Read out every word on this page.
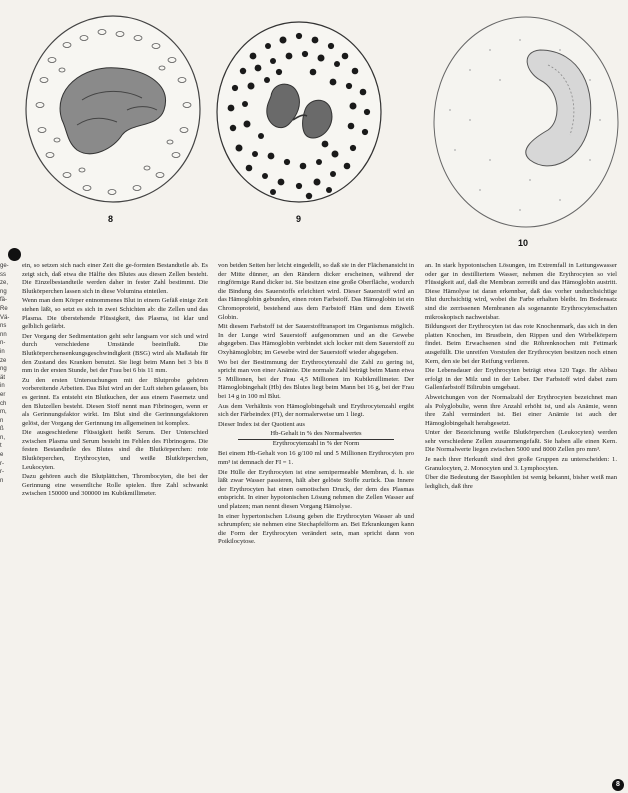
8	9
10
ge-
ss
ze,
ng
fä-
Re
Vä-
ns
nn
n-
in
ze
ng
ät
in
er
ch
m,
n
ß
n,
t
e
r-
r-
n

ein, so setzen sich nach einer Zeit die ge-formten Bestandteile ab. Es zeigt sich, daß etwa die Hälfte des Blutes aus diesen Zellen besteht. Die Einzelbestandteile werden daher in fester Zahl bestimmt. Die Blutkörperchen lassen sich in diese Volumina einteilen.

Wenn man dem Körper entnommenes Blut in einem Gefäß einige Zeit stehen läßt, so setzt es sich in zwei Schichten ab: die Zellen und das Plasma. Die überstehende Flüssigkeit, das Plasma, ist klar und gelblich gefärbt.

Der Vorgang der Sedimentation geht sehr langsam vor sich und wird durch verschiedene Umstände beeinflußt. Die Blutkörperchensenkungsgeschwindigkeit (BSG) wird als Maßstab für den Zustand des Kranken benutzt. Sie liegt beim Mann bei 3 bis 8 mm in der ersten Stunde, bei der Frau bei 6 bis 11 mm.

Zu den ersten Untersuchungen mit der Blutprobe gehören vorbereitende Arbeiten. Das Blut wird an der Luft stehen gelassen, bis es gerinnt. Es entsteht ein Blutkuchen, der aus einem Fasernetz und den Blutzellen besteht. Diesen Stoff nennt man Fibrinogen, wenn er als Gerinnungsfaktor wirkt. Im Blut sind die Gerinnungsfaktoren gelöst, der Vorgang der Gerinnung im allgemeinen ist komplex.

Die ausgeschiedene Flüssigkeit heißt Serum. Der Unterschied zwischen Plasma und Serum besteht im Fehlen des Fibrinogens. Die festen Bestandteile des Blutes sind die Blutkörperchen: rote Blutkörperchen, Erythrocyten, und weiße Blutkörperchen, Leukocyten.

Dazu gehören auch die Blutplättchen, Thrombocyten, die bei der Gerinnung eine wesentliche Rolle spielen. Ihre Zahl schwankt zwischen 150000 und 300000 im Kubikmillimeter.

von beiden Seiten her leicht eingedellt, so daß sie in der Flächenansicht in der Mitte dünner, an den Rändern dicker erscheinen, während der ringförmige Rand dicker ist. Sie besitzen eine große Oberfläche, wodurch die Bindung des Sauerstoffs erleichtert wird. Dieser Sauerstoff wird an das Hämoglobin gebunden, einen roten Farbstoff. Das Hämoglobin ist ein Chromoproteid, bestehend aus dem Farbstoff Häm und dem Eiweiß Globin.

Mit diesem Farbstoff ist der Sauerstofftransport im Organismus möglich. In der Lunge wird Sauerstoff aufgenommen und an die Gewebe abgegeben. Das Hämoglobin verbindet sich locker mit dem Sauerstoff zu Oxyhämoglobin; im Gewebe wird der Sauerstoff wieder abgegeben.

Wo bei der Bestimmung der Erythrocytenzahl die Zahl zu gering ist, spricht man von einer Anämie. Die normale Zahl beträgt beim Mann etwa 5 Millionen, bei der Frau 4,5 Millionen im Kubikmillimeter. Der Hämoglobingehalt (Hb) des Blutes liegt beim Mann bei 16 g, bei der Frau bei 14 g in 100 ml Blut.

Aus dem Verhältnis von Hämoglobingehalt und Erythrocytenzahl ergibt sich der Färbeindex (FI), der normalerweise um 1 liegt.

Dieser Index ist der Quotient aus

Hb-Gehalt in % des Normalwertes

Erythrocytenzahl in % der Norm

Bei einem Hb-Gehalt von 16 g/100 ml und 5 Millionen Erythrocyten pro mm³ ist demnach der FI = 1.

Die Hülle der Erythrocyten ist eine semipermeable Membran, d. h. sie läßt zwar Wasser passieren, hält aber gelöste Stoffe zurück. Das Innere der Erythrocyten hat einen osmotischen Druck, der dem des Plasmas entspricht. In einer hypotonischen Lösung nehmen die Zellen Wasser auf und platzen; man nennt diesen Vorgang Hämolyse.

In einer hypertonischen Lösung geben die Erythrocyten Wasser ab und schrumpfen; sie nehmen eine Stechapfelform an. Bei Erkrankungen kann die Form der Erythrocyten verändert sein, man spricht dann von Poikilocytose.

an. In stark hypotonischen Lösungen, im Extremfall in Leitungswasser oder gar in destilliertem Wasser, nehmen die Erythrocyten so viel Flüssigkeit auf, daß die Membran zerreißt und das Hämoglobin austritt. Diese Hämolyse ist daran erkennbar, daß das vorher undurchsichtige Blut durchsichtig wird, wobei die Farbe erhalten bleibt. Im Bodensatz sind die zerrissenen Membranen als sogenannte Erythrocytenschatten mikroskopisch nachweisbar.

Bildungsort der Erythrocyten ist das rote Knochenmark, das sich in den platten Knochen, im Brustbein, den Rippen und den Wirbelkörpern findet. Beim Erwachsenen sind die Röhrenknochen mit Fettmark ausgefüllt. Die unreifen Vorstufen der Erythrocyten besitzen noch einen Kern, den sie bei der Reifung verlieren.

Die Lebensdauer der Erythrocyten beträgt etwa 120 Tage. Ihr Abbau erfolgt in der Milz und in der Leber. Der Farbstoff wird dabei zum Gallenfarbstoff Bilirubin umgebaut.

Abweichungen von der Normalzahl der Erythrocyten bezeichnet man als Polyglobulie, wenn ihre Anzahl erhöht ist, und als Anämie, wenn ihre Zahl vermindert ist. Bei einer Anämie ist auch der Hämoglobingehalt herabgesetzt.

Unter der Bezeichnung weiße Blutkörperchen (Leukocyten) werden sehr verschiedene Zellen zusammengefaßt. Sie haben alle einen Kern. Die Normalwerte liegen zwischen 5000 und 8000 Zellen pro mm³.

Je nach ihrer Herkunft sind drei große Gruppen zu unterscheiden: 1. Granulocyten, 2. Monocyten und 3. Lymphocyten.

Über die Bedeutung der Basophilen ist wenig bekannt, bisher weiß man lediglich, daß ihre

8
